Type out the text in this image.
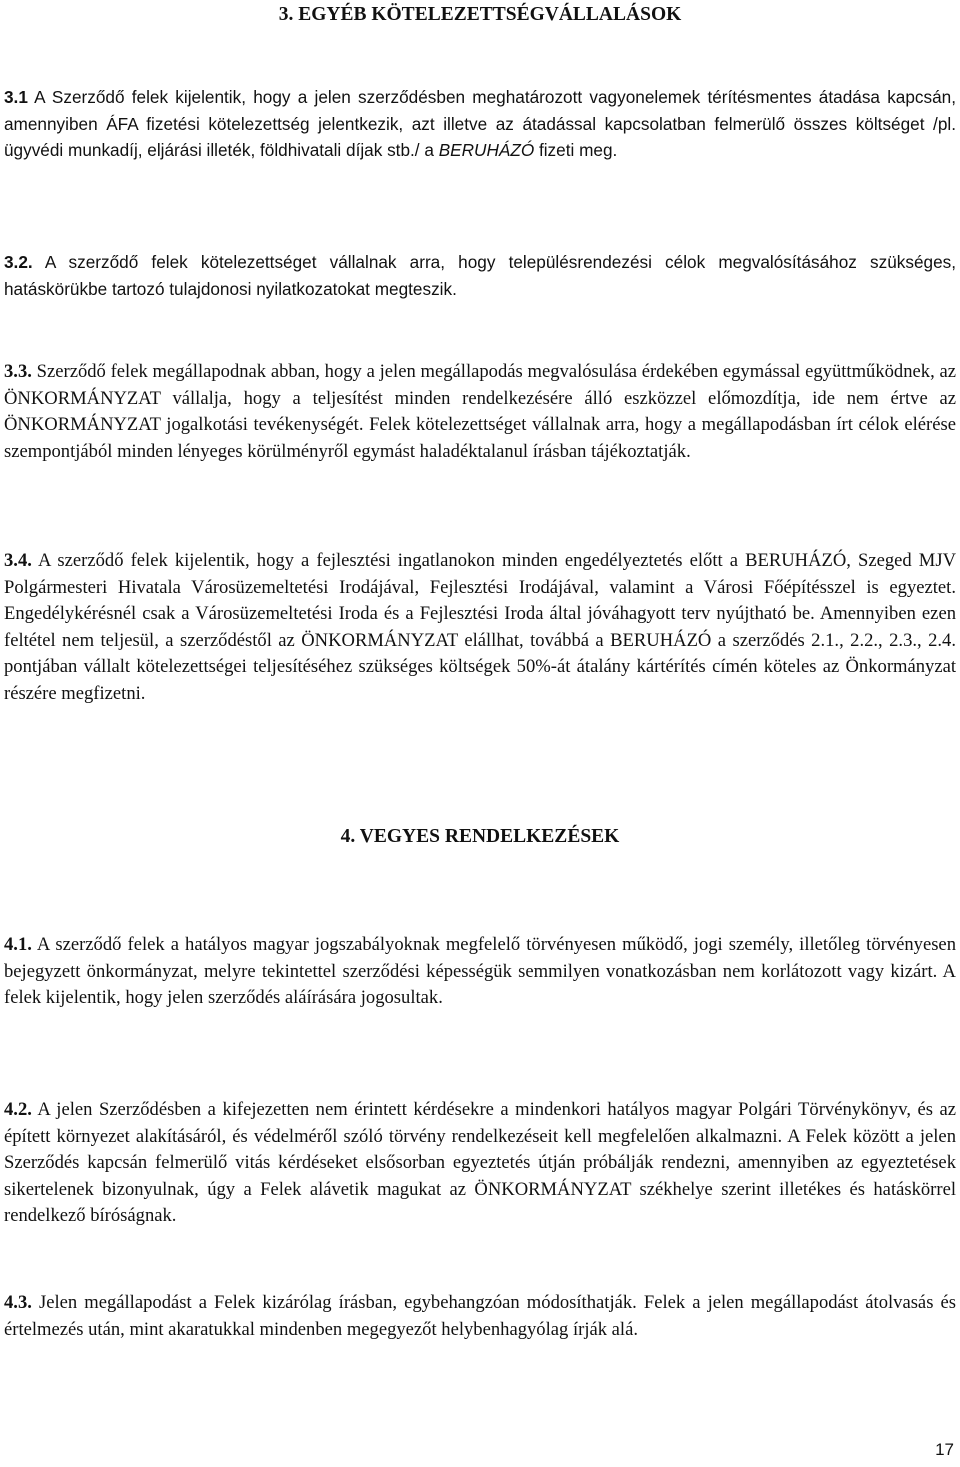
3. EGYÉB KÖTELEZETTSÉGVÁLLALÁSOK

3.1 A Szerződő felek kijelentik, hogy a jelen szerződésben meghatározott vagyonelemek térítésmentes átadása kapcsán, amennyiben ÁFA fizetési kötelezettség jelentkezik, azt illetve az átadással kapcsolatban felmerülő összes költséget /pl. ügyvédi munkadíj, eljárási illeték, földhivatali díjak stb./ a BERUHÁZÓ fizeti meg.

3.2. A szerződő felek kötelezettséget vállalnak arra, hogy településrendezési célok megvalósításához szükséges, hatáskörükbe tartozó tulajdonosi nyilatkozatokat megteszik.

3.3. Szerződő felek megállapodnak abban, hogy a jelen megállapodás megvalósulása érdekében egymással együttműködnek, az ÖNKORMÁNYZAT vállalja, hogy a teljesítést minden rendelkezésére álló eszközzel előmozdítja, ide nem értve az ÖNKORMÁNYZAT jogalkotási tevékenységét. Felek kötelezettséget vállalnak arra, hogy a megállapodásban írt célok elérése szempontjából minden lényeges körülményről egymást haladéktalanul írásban tájékoztatják.

3.4. A szerződő felek kijelentik, hogy a fejlesztési ingatlanokon minden engedélyeztetés előtt a BERUHÁZÓ, Szeged MJV Polgármesteri Hivatala Városüzemeltetési Irodájával, Fejlesztési Irodájával, valamint a Városi Főépítésszel is egyeztet. Engedélykérésnél csak a Városüzemeltetési Iroda és a Fejlesztési Iroda által jóváhagyott terv nyújtható be. Amennyiben ezen feltétel nem teljesül, a szerződéstől az ÖNKORMÁNYZAT elállhat, továbbá a BERUHÁZÓ a szerződés 2.1., 2.2., 2.3., 2.4. pontjában vállalt kötelezettségei teljesítéséhez szükséges költségek 50%-át átalány kártérítés címén köteles az Önkormányzat részére megfizetni.

4. VEGYES RENDELKEZÉSEK

4.1. A szerződő felek a hatályos magyar jogszabályoknak megfelelő törvényesen működő, jogi személy, illetőleg törvényesen bejegyzett önkormányzat, melyre tekintettel szerződési képességük semmilyen vonatkozásban nem korlátozott vagy kizárt. A felek kijelentik, hogy jelen szerződés aláírására jogosultak.

4.2. A jelen Szerződésben a kifejezetten nem érintett kérdésekre a mindenkori hatályos magyar Polgári Törvénykönyv, és az épített környezet alakításáról, és védelméről szóló törvény rendelkezéseit kell megfelelően alkalmazni. A Felek között a jelen Szerződés kapcsán felmerülő vitás kérdéseket elsősorban egyeztetés útján próbálják rendezni, amennyiben az egyeztetések sikertelenek bizonyulnak, úgy a Felek alávetik magukat az ÖNKORMÁNYZAT székhelye szerint illetékes és hatáskörrel rendelkező bíróságnak.

4.3. Jelen megállapodást a Felek kizárólag írásban, egybehangzóan módosíthatják. Felek a jelen megállapodást átolvasás és értelmezés után, mint akaratukkal mindenben megegyezőt helybenhagyólag írják alá.

17
